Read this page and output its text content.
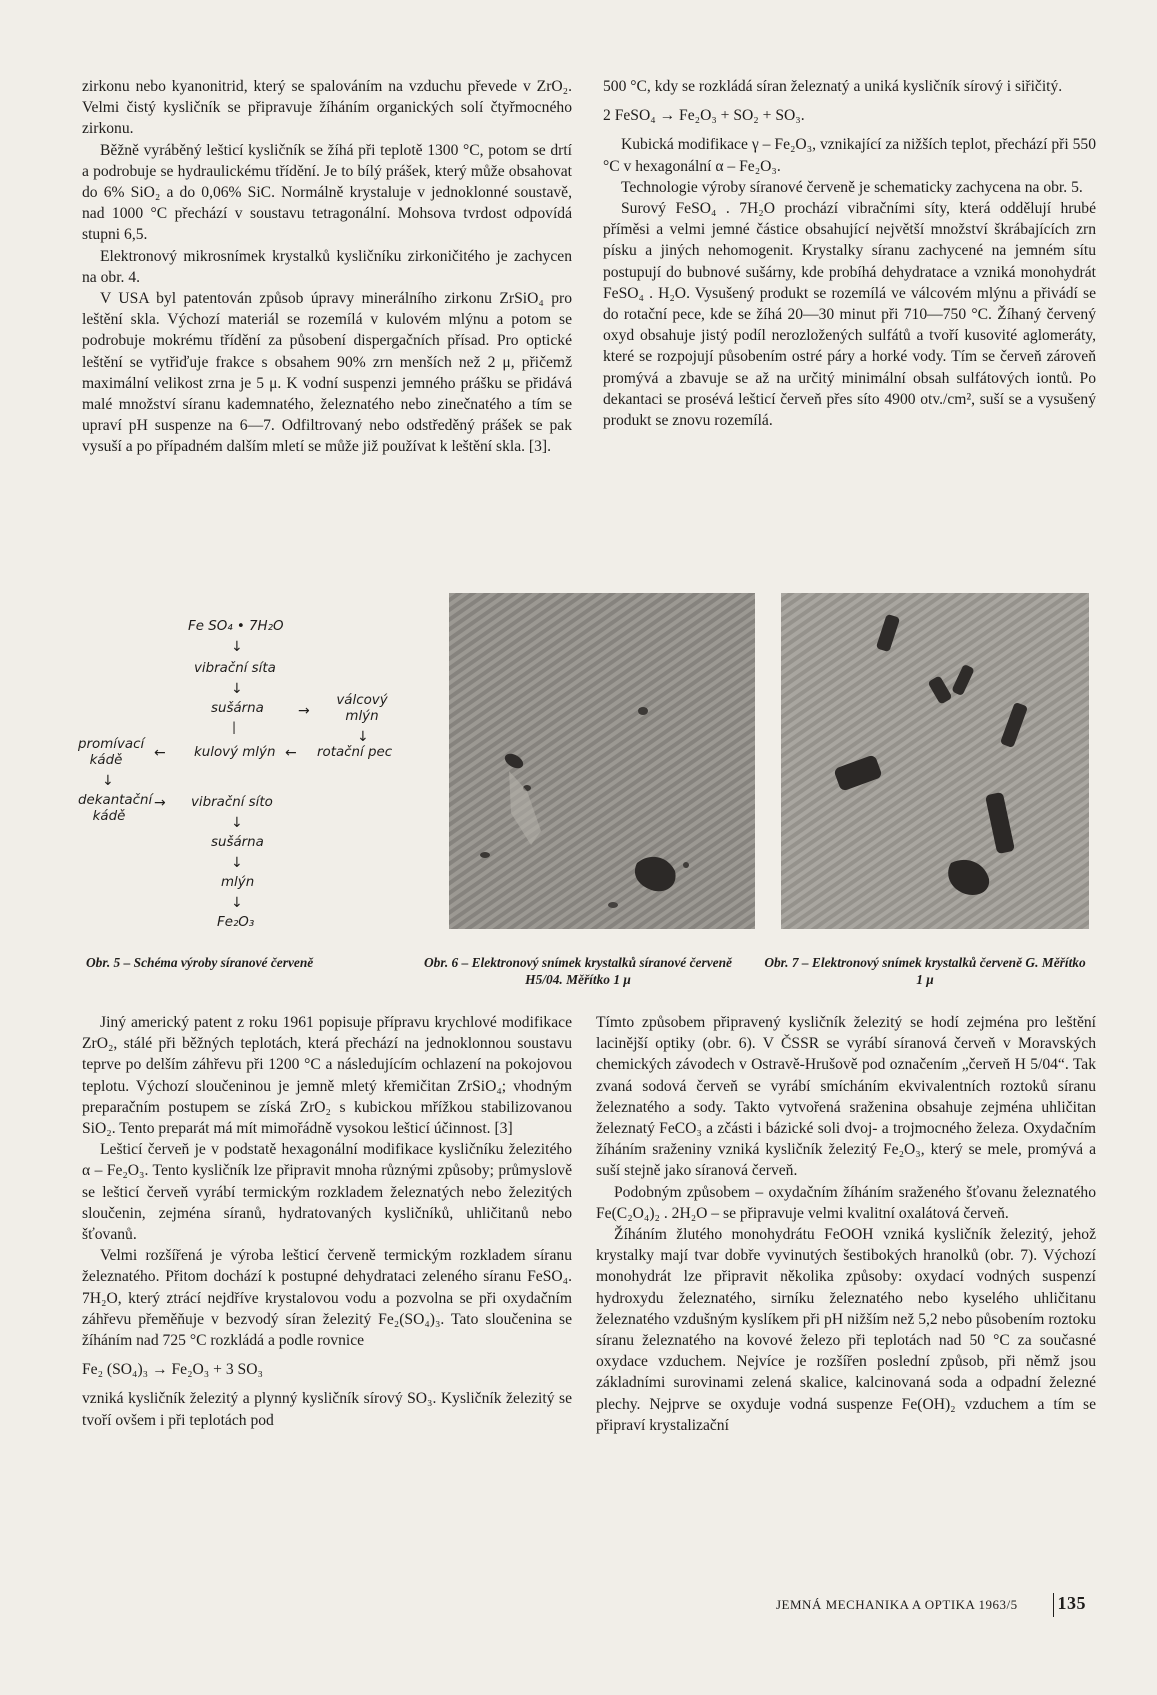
zirkonu nebo kyanonitrid, který se spalováním na vzduchu převede v ZrO₂. Velmi čistý kysličník se připravuje žíháním organických solí čtyřmocného zirkonu.

Běžně vyráběný lešticí kysličník se žíhá při teplotě 1300 °C, potom se drtí a podrobuje se hydraulickému třídění. Je to bílý prášek, který může obsahovat do 6% SiO₂ a do 0,06% SiC. Normálně krystaluje v jednoklonné soustavě, nad 1000 °C přechází v soustavu tetragonální. Mohsova tvrdost odpovídá stupni 6,5.

Elektronový mikrosnímek krystalků kysličníku zirkoničitého je zachycen na obr. 4.

V USA byl patentován způsob úpravy minerálního zirkonu ZrSiO₄ pro leštění skla. Výchozí materiál se rozemílá v kulovém mlýnu a potom se podrobuje mokrému třídění za působení dispergačních přísad. Pro optické leštění se vytřiďuje frakce s obsahem 90% zrn menších než 2 μ, přičemž maximální velikost zrna je 5 μ. K vodní suspenzi jemného prášku se přidává malé množství síranu kademnatého, železnatého nebo zinečnatého a tím se upraví pH suspenze na 6—7. Odfiltrovaný nebo odstředěný prášek se pak vysuší a po případném dalším mletí se může již používat k leštění skla. [3].

500 °C, kdy se rozkládá síran železnatý a uniká kysličník sírový i siřičitý.

2 FeSO₄ → Fe₂O₃ + SO₂ + SO₃.

Kubická modifikace γ – Fe₂O₃, vznikající za nižších teplot, přechází při 550 °C v hexagonální α – Fe₂O₃.

Technologie výroby síranové červeně je schematicky zachycena na obr. 5.

Surový FeSO₄ . 7H₂O prochází vibračními síty, která oddělují hrubé příměsi a velmi jemné částice obsahující největší množství škrábajících zrn písku a jiných nehomogenit. Krystalky síranu zachycené na jemném sítu postupují do bubnové sušárny, kde probíhá dehydratace a vzniká monohydrát FeSO₄ . H₂O. Vysušený produkt se rozemílá ve válcovém mlýnu a přivádí se do rotační pece, kde se žíhá 20—30 minut při 710—750 °C. Žíhaný červený oxyd obsahuje jistý podíl nerozložených sulfátů a tvoří kusovité aglomeráty, které se rozpojují působením ostré páry a horké vody. Tím se červeň zároveň promývá a zbavuje se až na určitý minimální obsah sulfátových iontů. Po dekantaci se prosévá lešticí červeň přes síto 4900 otv./cm², suší se a vysušený produkt se znovu rozemílá.

Fe SO₄ • 7H₂O
↓
vibrační síta
↓
sušárna →
válcový mlýn
↓
|
promívací kádě	← kulový mlýn ← rotační pec
↓
dekantační kádě
→ vibrační síto
↓
sušárna
↓
mlýn
↓
Fe₂O₃
Obr. 5 – Schéma výroby síranové červeně	Obr. 6 – Elektronový snímek krystalků síranové červeně H5/04. Měřítko 1 μ
Obr. 7 – Elektronový snímek krystalků červeně G. Měřítko 1 μ

Jiný americký patent z roku 1961 popisuje přípravu krychlové modifikace ZrO₂, stálé při běžných teplotách, která přechází na jednoklonnou soustavu teprve po delším záhřevu při 1200 °C a následujícím ochlazení na pokojovou teplotu. Výchozí sloučeninou je jemně mletý křemičitan ZrSiO₄; vhodným preparačním postupem se získá ZrO₂ s kubickou mřížkou stabilizovanou SiO₂. Tento preparát má mít mimořádně vysokou lešticí účinnost. [3]

Lešticí červeň je v podstatě hexagonální modifikace kysličníku železitého α – Fe₂O₃. Tento kysličník lze připravit mnoha různými způsoby; průmyslově se lešticí červeň vyrábí termickým rozkladem železnatých nebo železitých sloučenin, zejména síranů, hydratovaných kysličníků, uhličitanů nebo šťovanů.

Velmi rozšířená je výroba lešticí červeně termickým rozkladem síranu železnatého. Přitom dochází k postupné dehydrataci zeleného síranu FeSO₄. 7H₂O, který ztrácí nejdříve krystalovou vodu a pozvolna se při oxydačním záhřevu přeměňuje v bezvodý síran železitý Fe₂(SO₄)₃. Tato sloučenina se žíháním nad 725 °C rozkládá a podle rovnice

Fe₂ (SO₄)₃ → Fe₂O₃ + 3 SO₃

vzniká kysličník železitý a plynný kysličník sírový SO₃. Kysličník železitý se tvoří ovšem i při teplotách pod

Tímto způsobem připravený kysličník železitý se hodí zejména pro leštění lacinější optiky (obr. 6). V ČSSR se vyrábí síranová červeň v Moravských chemických závodech v Ostravě-Hrušově pod označením „červeň H 5/04“. Tak zvaná sodová červeň se vyrábí smícháním ekvivalentních roztoků síranu železnatého a sody. Takto vytvořená sraženina obsahuje zejména uhličitan železnatý FeCO₃ a zčásti i bázické soli dvoj- a trojmocného železa. Oxydačním žíháním sraženiny vzniká kysličník železitý Fe₂O₃, který se mele, promývá a suší stejně jako síranová červeň.

Podobným způsobem – oxydačním žíháním sraženého šťovanu železnatého Fe(C₂O₄)₂ . 2H₂O – se připravuje velmi kvalitní oxalátová červeň.

Žíháním žlutého monohydrátu FeOOH vzniká kysličník železitý, jehož krystalky mají tvar dobře vyvinutých šestibokých hranolků (obr. 7). Výchozí monohydrát lze připravit několika způsoby: oxydací vodných suspenzí hydroxydu železnatého, sirníku železnatého nebo kyselého uhličitanu železnatého vzdušným kyslíkem při pH nižším než 5,2 nebo působením roztoku síranu železnatého na kovové železo při teplotách nad 50 °C za současné oxydace vzduchem. Nejvíce je rozšířen poslední způsob, při němž jsou základními surovinami zelená skalice, kalcinovaná soda a odpadní železné plechy. Nejprve se oxyduje vodná suspenze Fe(OH)₂ vzduchem a tím se připraví krystalizační

JEMNÁ MECHANIKA A OPTIKA 1963/5 135
